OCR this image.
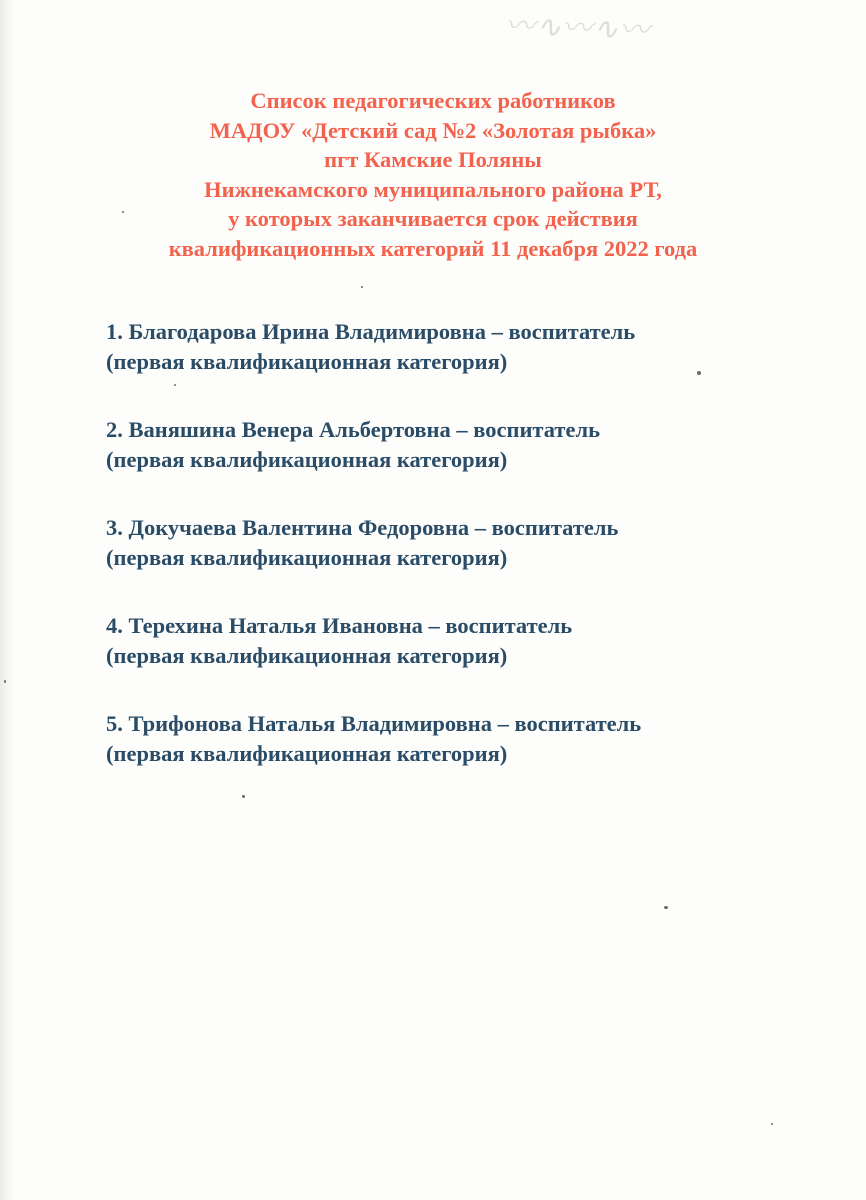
〰∿〰∿〰
Список педагогических работников
МАДОУ «Детский сад №2 «Золотая рыбка»
пгт Камские Поляны
Нижнекамского муниципального района РТ,
у которых заканчивается срок действия
квалификационных категорий 11 декабря 2022 года
1. Благодарова Ирина Владимировна – воспитатель
(первая квалификационная категория)
2. Ваняшина Венера Альбертовна – воспитатель
(первая квалификационная категория)
3. Докучаева Валентина Федоровна – воспитатель
(первая квалификационная категория)
4. Терехина Наталья Ивановна – воспитатель
(первая квалификационная категория)
5. Трифонова Наталья Владимировна – воспитатель
(первая квалификационная категория)
